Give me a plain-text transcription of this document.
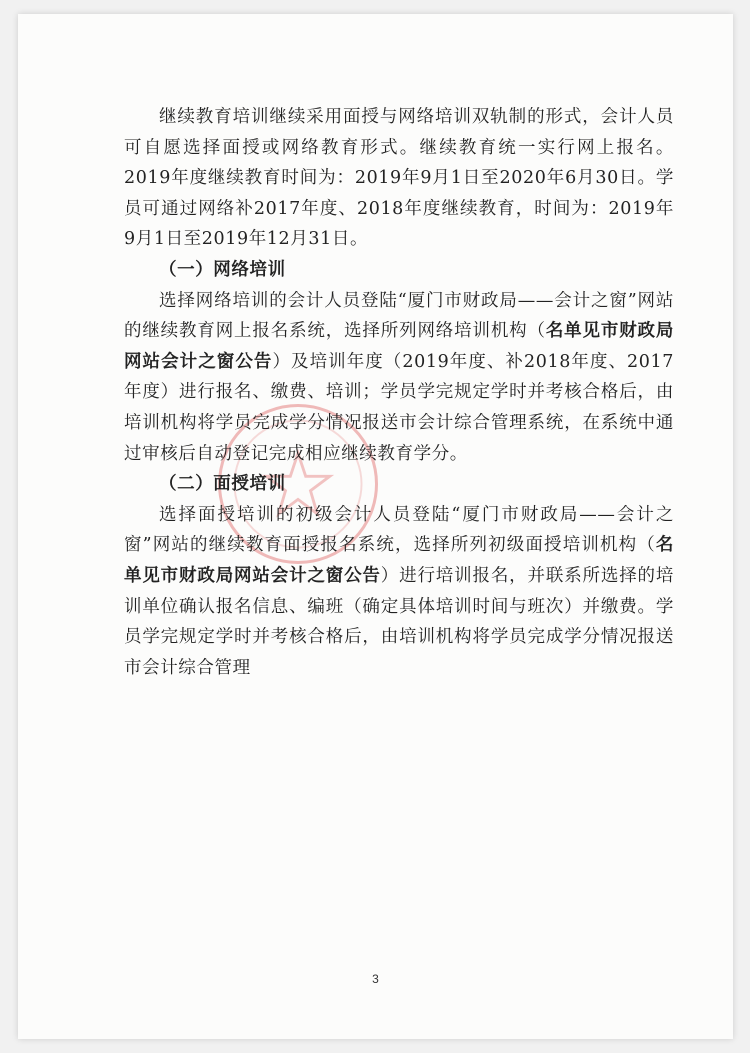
继续教育培训继续采用面授与网络培训双轨制的形式，会计人员可自愿选择面授或网络教育形式。继续教育统一实行网上报名。2019年度继续教育时间为：2019年9月1日至2020年6月30日。学员可通过网络补2017年度、2018年度继续教育，时间为：2019年9月1日至2019年12月31日。

（一）网络培训

选择网络培训的会计人员登陆“厦门市财政局——会计之窗”网站的继续教育网上报名系统，选择所列网络培训机构（名单见市财政局网站会计之窗公告）及培训年度（2019年度、补2018年度、2017年度）进行报名、缴费、培训；学员学完规定学时并考核合格后，由培训机构将学员完成学分情况报送市会计综合管理系统，在系统中通过审核后自动登记完成相应继续教育学分。

（二）面授培训

选择面授培训的初级会计人员登陆“厦门市财政局——会计之窗”网站的继续教育面授报名系统，选择所列初级面授培训机构（名单见市财政局网站会计之窗公告）进行培训报名，并联系所选择的培训单位确认报名信息、编班（确定具体培训时间与班次）并缴费。学员学完规定学时并考核合格后，由培训机构将学员完成学分情况报送市会计综合管理

3
